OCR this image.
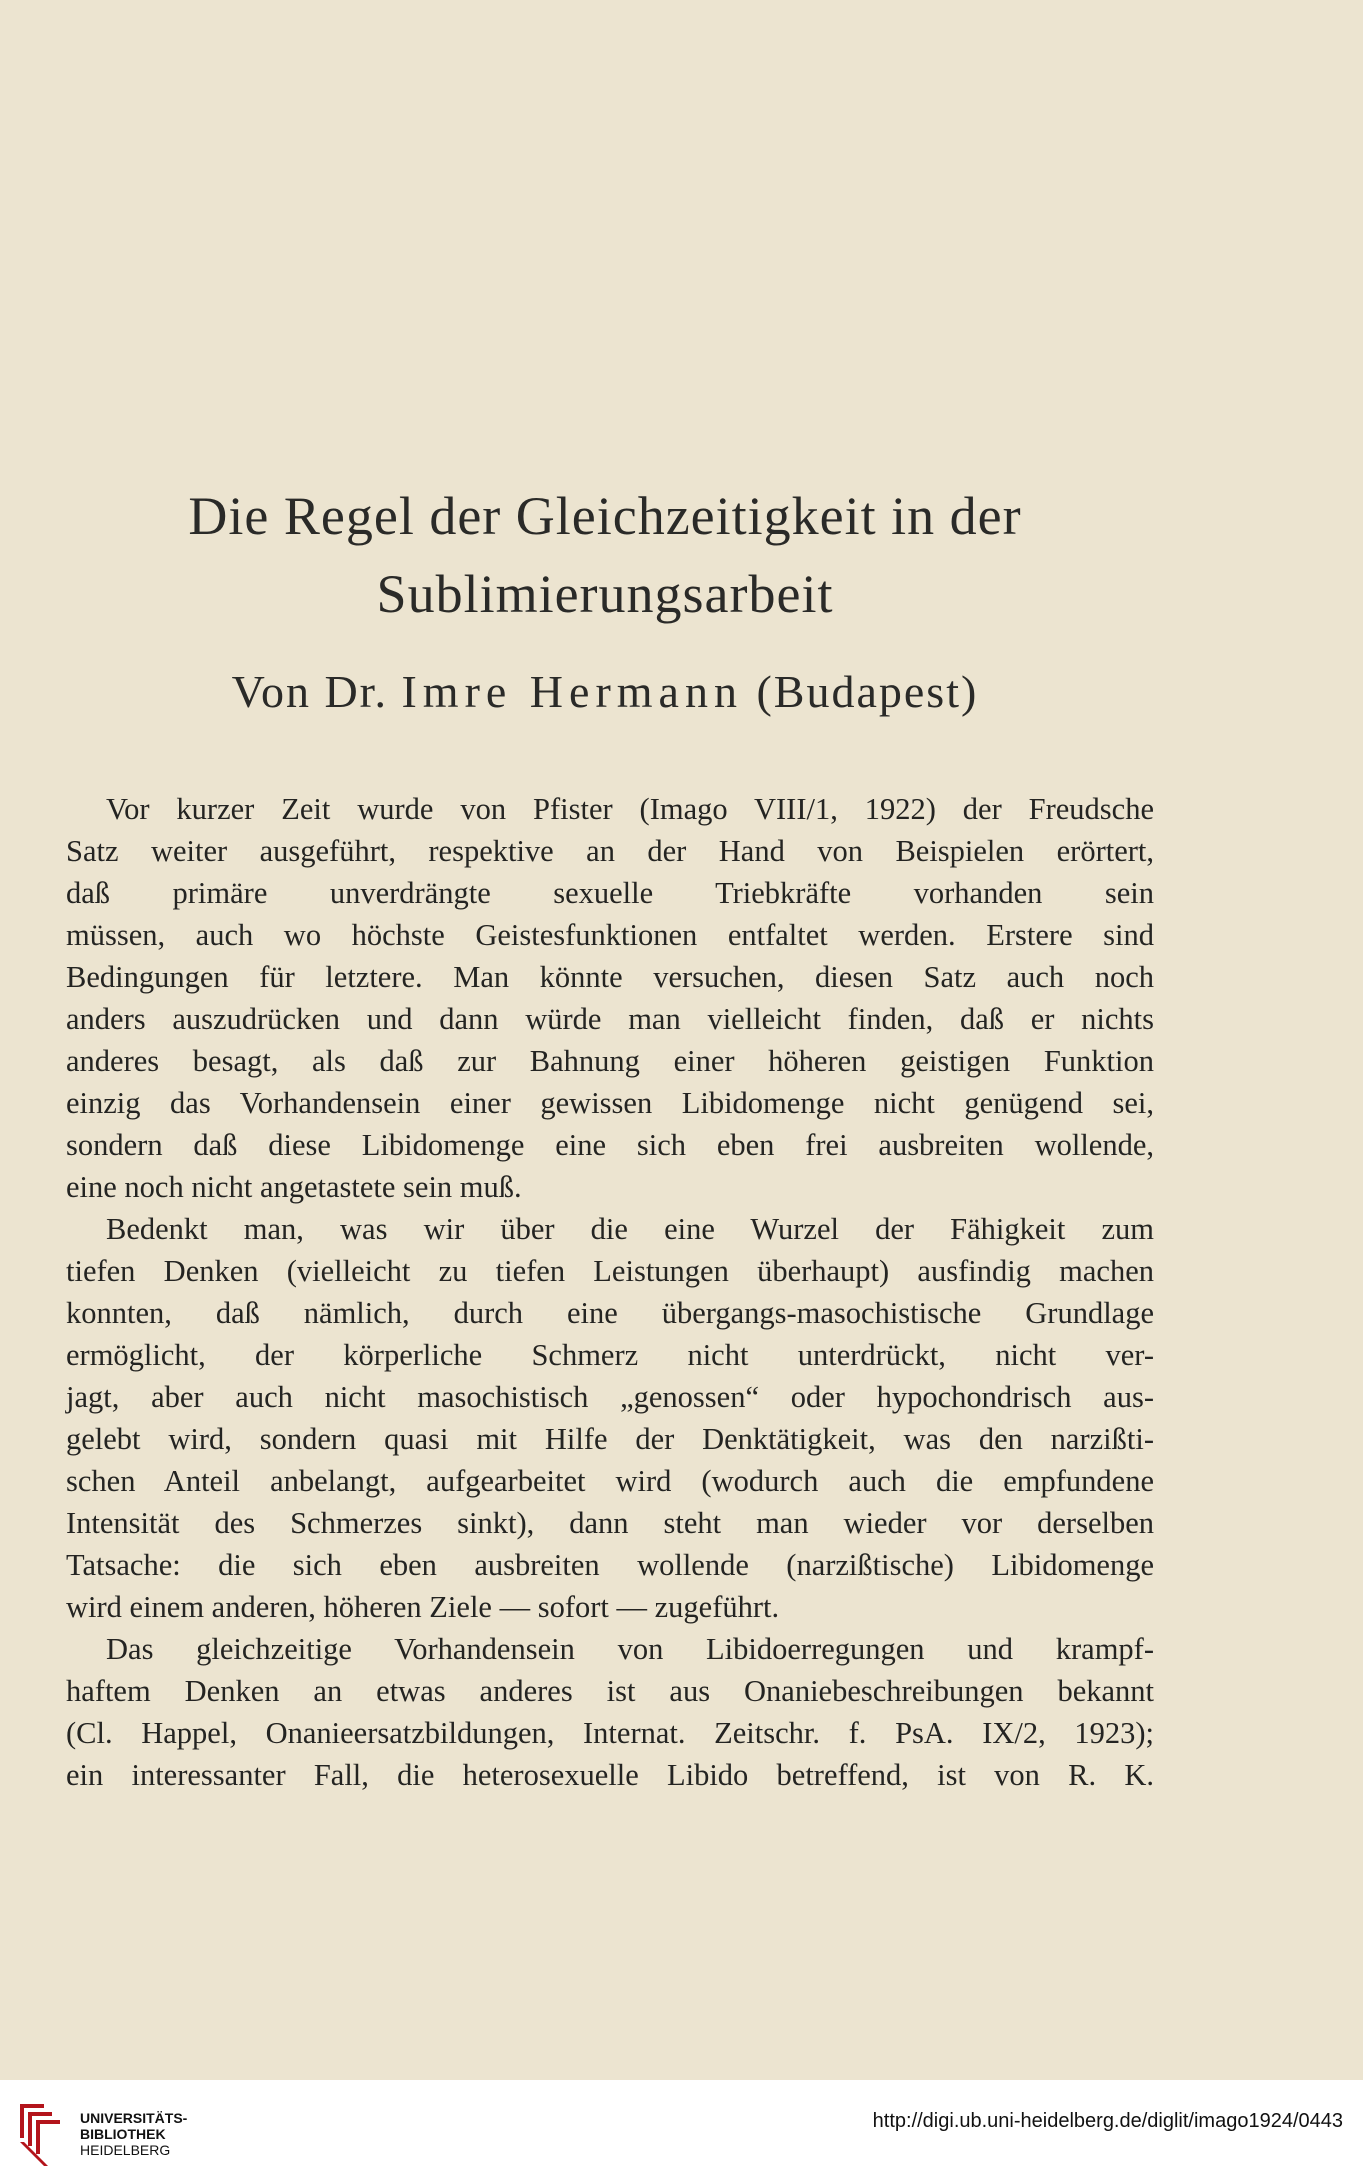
Die Regel der Gleichzeitigkeit in der
Sublimierungsarbeit
Von Dr. Imre Hermann (Budapest)
Vor kurzer Zeit wurde von Pfister (Imago VIII/1, 1922) der Freudsche
Satz weiter ausgeführt, respektive an der Hand von Beispielen erörtert,
daß primäre unverdrängte sexuelle Triebkräfte vorhanden sein
müssen, auch wo höchste Geistesfunktionen entfaltet werden. Erstere sind
Bedingungen für letztere. Man könnte versuchen, diesen Satz auch noch
anders auszudrücken und dann würde man vielleicht finden, daß er nichts
anderes besagt, als daß zur Bahnung einer höheren geistigen Funktion
einzig das Vorhandensein einer gewissen Libidomenge nicht genügend sei,
sondern daß diese Libidomenge eine sich eben frei ausbreiten wollende,
eine noch nicht angetastete sein muß.
Bedenkt man, was wir über die eine Wurzel der Fähigkeit zum
tiefen Denken (vielleicht zu tiefen Leistungen überhaupt) ausfindig machen
konnten, daß nämlich, durch eine übergangs-masochistische Grundlage
ermöglicht, der körperliche Schmerz nicht unterdrückt, nicht ver-
jagt, aber auch nicht masochistisch „genossen“ oder hypochondrisch aus-
gelebt wird, sondern quasi mit Hilfe der Denktätigkeit, was den narzißti-
schen Anteil anbelangt, aufgearbeitet wird (wodurch auch die empfundene
Intensität des Schmerzes sinkt), dann steht man wieder vor derselben
Tatsache: die sich eben ausbreiten wollende (narzißtische) Libidomenge
wird einem anderen, höheren Ziele — sofort — zugeführt.
Das gleichzeitige Vorhandensein von Libidoerregungen und krampf-
haftem Denken an etwas anderes ist aus Onaniebeschreibungen bekannt
(Cl. Happel, Onanieersatzbildungen, Internat. Zeitschr. f. PsA. IX/2, 1923);
ein interessanter Fall, die heterosexuelle Libido betreffend, ist von R. K.
UNIVERSITÄTS-
BIBLIOTHEK
HEIDELBERG
http://digi.ub.uni-heidelberg.de/diglit/imago1924/0443
